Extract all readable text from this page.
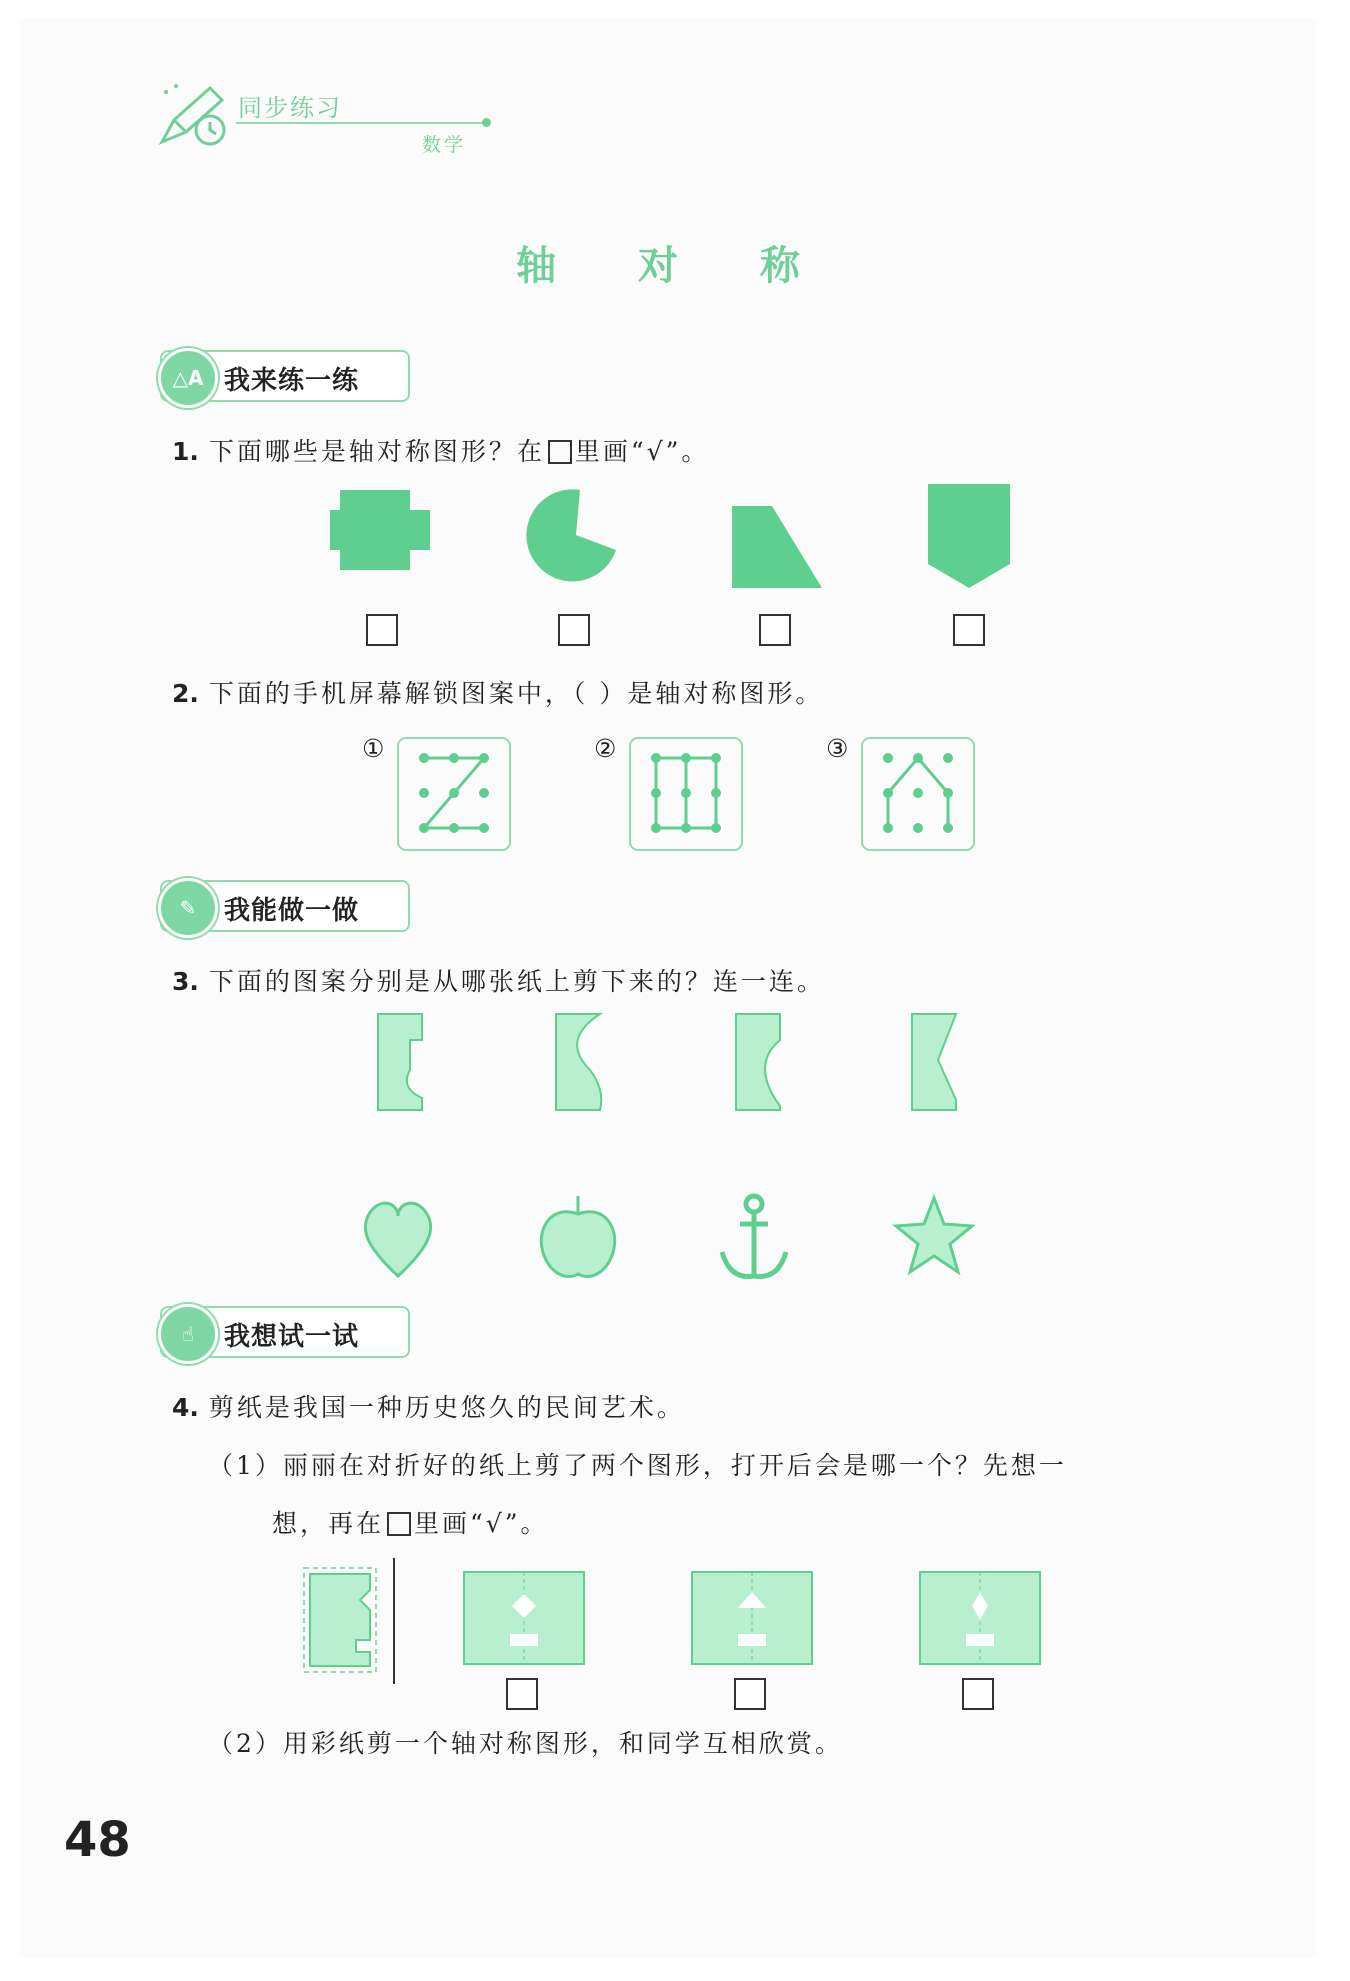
同步练习
数学
轴 对 称
△A 我来练一练
1. 下面哪些是轴对称图形？在 里画“√”。
2. 下面的手机屏幕解锁图案中，（ ）是轴对称图形。
①	②	③
✎	我能做一做
3. 下面的图案分别是从哪张纸上剪下来的？连一连。
☝	我想试一试
4. 剪纸是我国一种历史悠久的民间艺术。
（1）丽丽在对折好的纸上剪了两个图形，打开后会是哪一个？先想一
想，再在 里画“√”。
（2）用彩纸剪一个轴对称图形，和同学互相欣赏。
48
